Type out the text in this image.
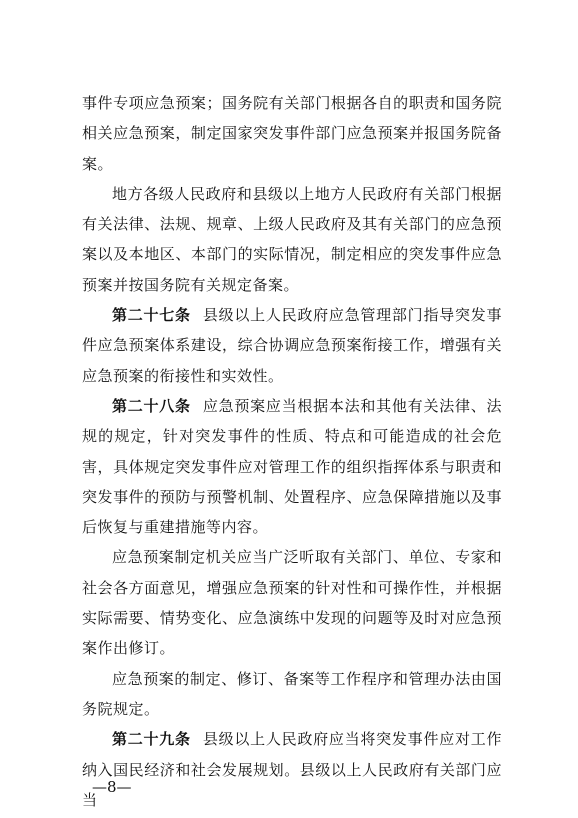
事件专项应急预案；国务院有关部门根据各自的职责和国务院相关应急预案，制定国家突发事件部门应急预案并报国务院备案。

地方各级人民政府和县级以上地方人民政府有关部门根据有关法律、法规、规章、上级人民政府及其有关部门的应急预案以及本地区、本部门的实际情况，制定相应的突发事件应急预案并按国务院有关规定备案。

第二十七条 县级以上人民政府应急管理部门指导突发事件应急预案体系建设，综合协调应急预案衔接工作，增强有关应急预案的衔接性和实效性。

第二十八条 应急预案应当根据本法和其他有关法律、法规的规定，针对突发事件的性质、特点和可能造成的社会危害，具体规定突发事件应对管理工作的组织指挥体系与职责和突发事件的预防与预警机制、处置程序、应急保障措施以及事后恢复与重建措施等内容。

应急预案制定机关应当广泛听取有关部门、单位、专家和社会各方面意见，增强应急预案的针对性和可操作性，并根据实际需要、情势变化、应急演练中发现的问题等及时对应急预案作出修订。

应急预案的制定、修订、备案等工作程序和管理办法由国务院规定。

第二十九条 县级以上人民政府应当将突发事件应对工作纳入国民经济和社会发展规划。县级以上人民政府有关部门应当

—8—
